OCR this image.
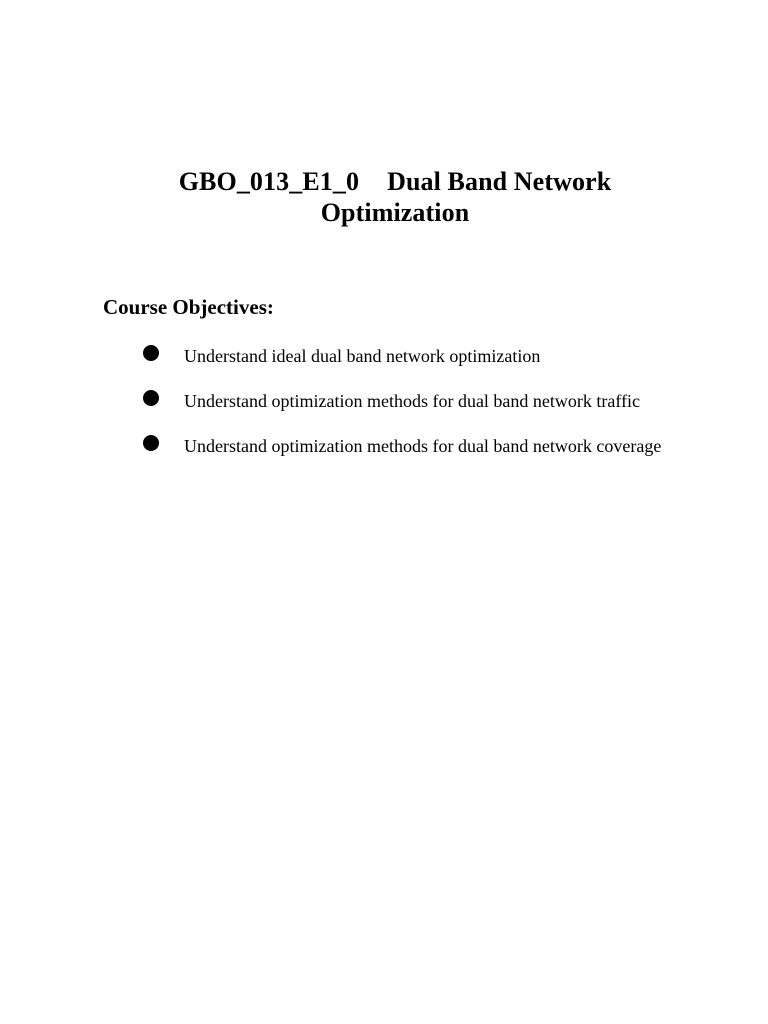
GBO_013_E1_0 Dual Band Network Optimization
Course Objectives:
Understand ideal dual band network optimization
Understand optimization methods for dual band network traffic
Understand optimization methods for dual band network coverage
